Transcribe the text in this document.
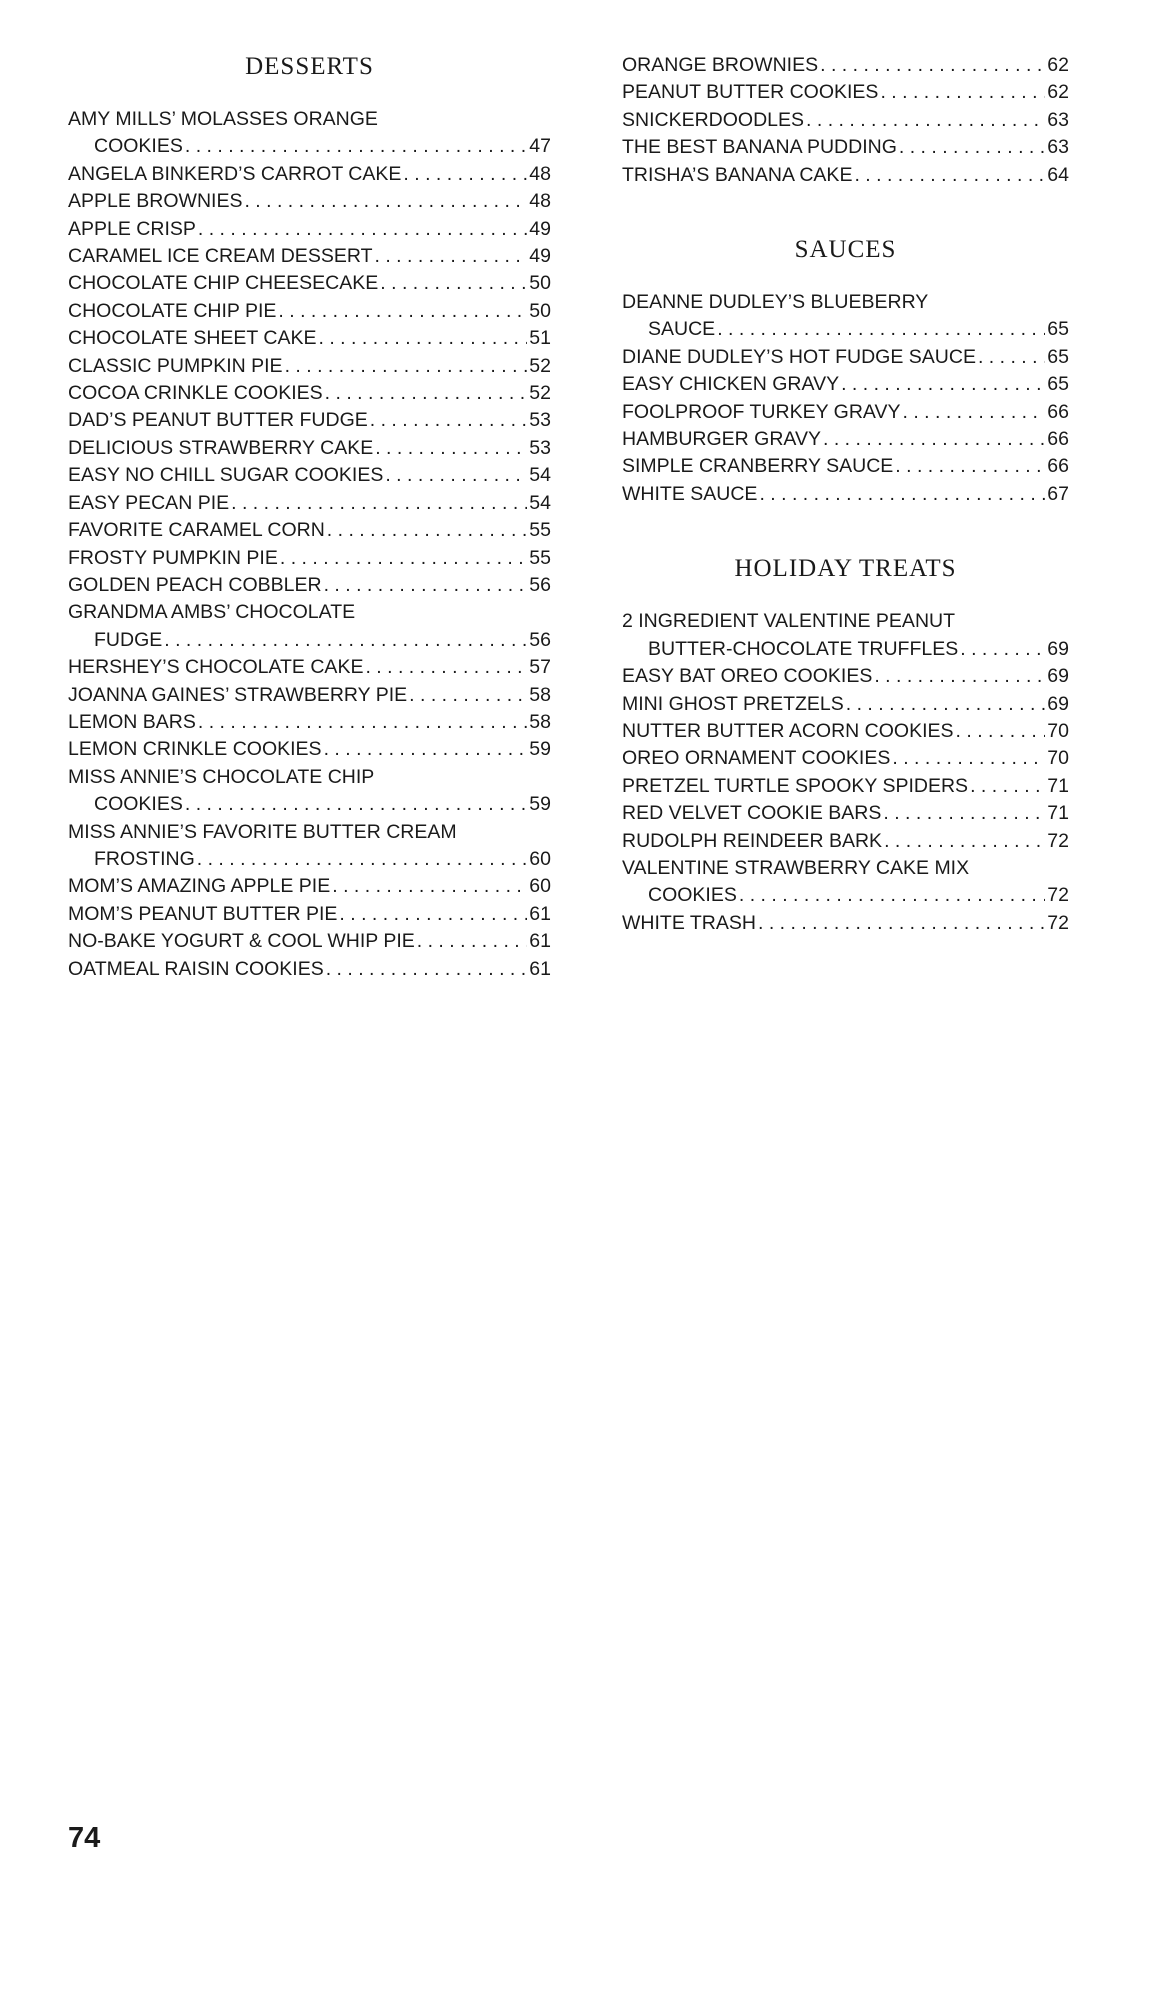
DESSERTS
AMY MILLS’ MOLASSES ORANGE
COOKIES . . .	47
ANGELA BINKERD’S CARROT CAKE . . .	48
APPLE BROWNIES . . .	48
APPLE CRISP . . .	49
CARAMEL ICE CREAM DESSERT . . .	49
CHOCOLATE CHIP CHEESECAKE . . .	50
CHOCOLATE CHIP PIE . . .	50
CHOCOLATE SHEET CAKE . . .	51
CLASSIC PUMPKIN PIE . . .	52
COCOA CRINKLE COOKIES . . .	52
DAD’S PEANUT BUTTER FUDGE . . .	53
DELICIOUS STRAWBERRY CAKE . . .	53
EASY NO CHILL SUGAR COOKIES . . .	54
EASY PECAN PIE . . .	54
FAVORITE CARAMEL CORN . . .	55
FROSTY PUMPKIN PIE . . .	55
GOLDEN PEACH COBBLER . . .	56
GRANDMA AMBS’ CHOCOLATE
FUDGE . . .	56
HERSHEY’S CHOCOLATE CAKE . . .	57
JOANNA GAINES’ STRAWBERRY PIE . . .	58
LEMON BARS . . .	58
LEMON CRINKLE COOKIES . . .	59
MISS ANNIE’S CHOCOLATE CHIP
COOKIES . . .	59
MISS ANNIE’S FAVORITE BUTTER CREAM
FROSTING . . .	60
MOM’S AMAZING APPLE PIE . . .	60
MOM’S PEANUT BUTTER PIE . . .	61
NO-BAKE YOGURT & COOL WHIP PIE . . .	61
OATMEAL RAISIN COOKIES . . .	61
ORANGE BROWNIES . . .	62
PEANUT BUTTER COOKIES . . .	62
SNICKERDOODLES . . .	63
THE BEST BANANA PUDDING . . .	63
TRISHA’S BANANA CAKE . . .	64
SAUCES
DEANNE DUDLEY’S BLUEBERRY
SAUCE . . .	65
DIANE DUDLEY’S HOT FUDGE SAUCE . . .	65
EASY CHICKEN GRAVY . . .	65
FOOLPROOF TURKEY GRAVY . . .	66
HAMBURGER GRAVY . . .	66
SIMPLE CRANBERRY SAUCE . . .	66
WHITE SAUCE . . .	67
HOLIDAY TREATS
2 INGREDIENT VALENTINE PEANUT
BUTTER-CHOCOLATE TRUFFLES . . .	69
EASY BAT OREO COOKIES . . .	69
MINI GHOST PRETZELS . . .	69
NUTTER BUTTER ACORN COOKIES . . .	70
OREO ORNAMENT COOKIES . . .	70
PRETZEL TURTLE SPOOKY SPIDERS . . .	71
RED VELVET COOKIE BARS . . .	71
RUDOLPH REINDEER BARK . . .	72
VALENTINE STRAWBERRY CAKE MIX
COOKIES . . .	72
WHITE TRASH . . .	72
74
